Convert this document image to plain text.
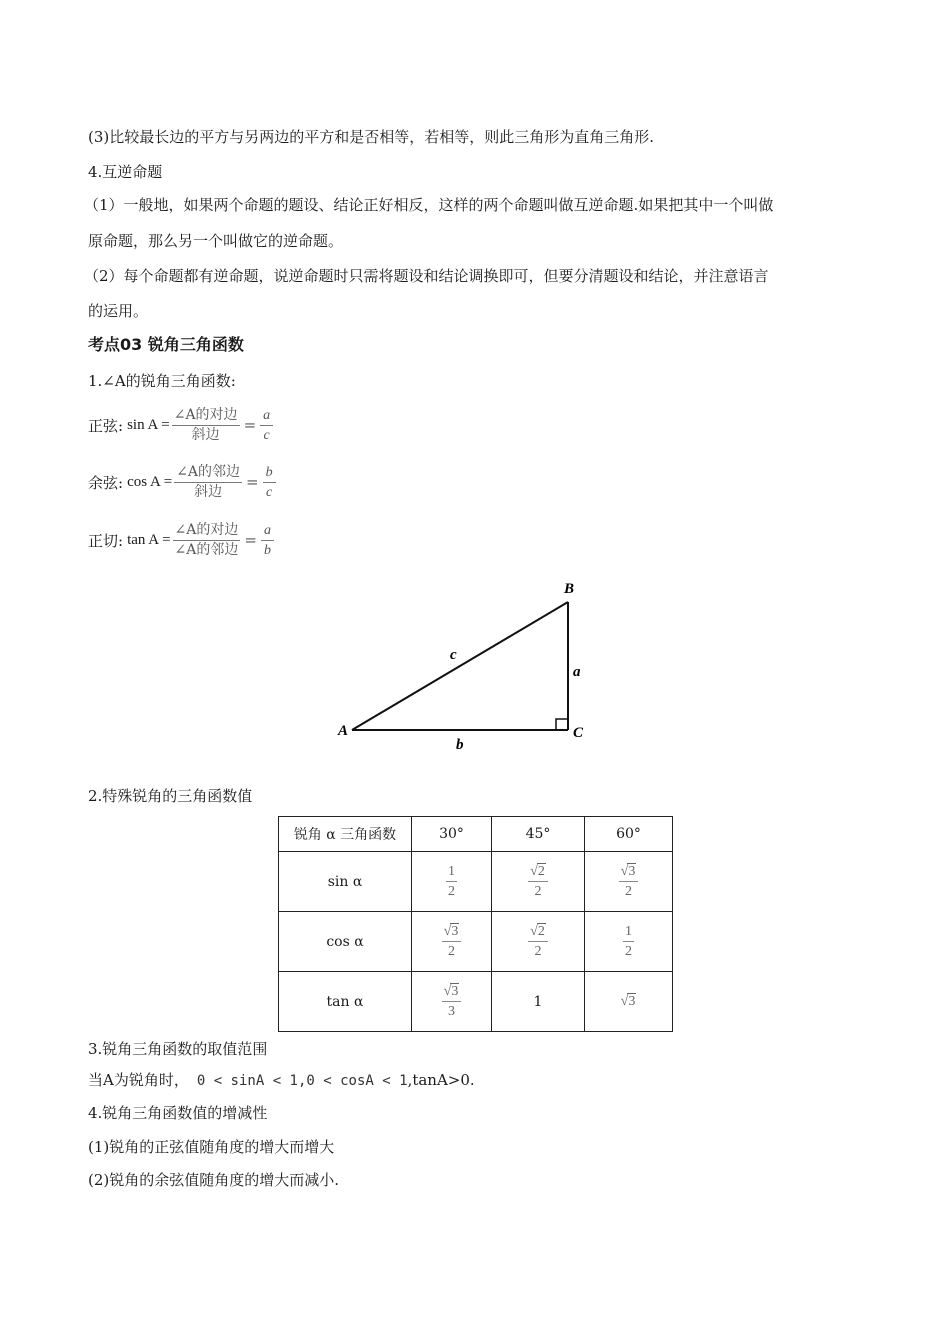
(3)比较最长边的平方与另两边的平方和是否相等，若相等，则此三角形为直角三角形.
4.互逆命题
（1）一般地，如果两个命题的题设、结论正好相反，这样的两个命题叫做互逆命题.如果把其中一个叫做
原命题，那么另一个叫做它的逆命题。
（2）每个命题都有逆命题，说逆命题时只需将题设和结论调换即可，但要分清题设和结论，并注意语言
的运用。
考点03 锐角三角函数
1.∠A的锐角三角函数:
正弦: $\sin A = \frac{\text{∠A的对边}}{\text{斜边}} = \frac{a}{c}$
余弦: $\cos A = \frac{\text{∠A的邻边}}{\text{斜边}} = \frac{b}{c}$
正切: $\tan A = \frac{\text{∠A的对边}}{\text{∠A的邻边}} = \frac{a}{b}$
A
B
C
a
b
c
2.特殊锐角的三角函数值
锐角 α 三角函数	30°	45°	60°
sin α	$\frac{1}{2}$	$\frac{√2}{2}$	$\frac{√3}{2}$

cos α	$\frac{√3}{2}$	$\frac{√2}{2}$	$\frac{1}{2}$

tan α	$\frac{√3}{3}$	1	√3
3.锐角三角函数的取值范围
当A为锐角时， 0 < sinA < 1,0 < cosA < 1,tanA>0.
4.锐角三角函数值的增减性
(1)锐角的正弦值随角度的增大而增大
(2)锐角的余弦值随角度的增大而减小.
